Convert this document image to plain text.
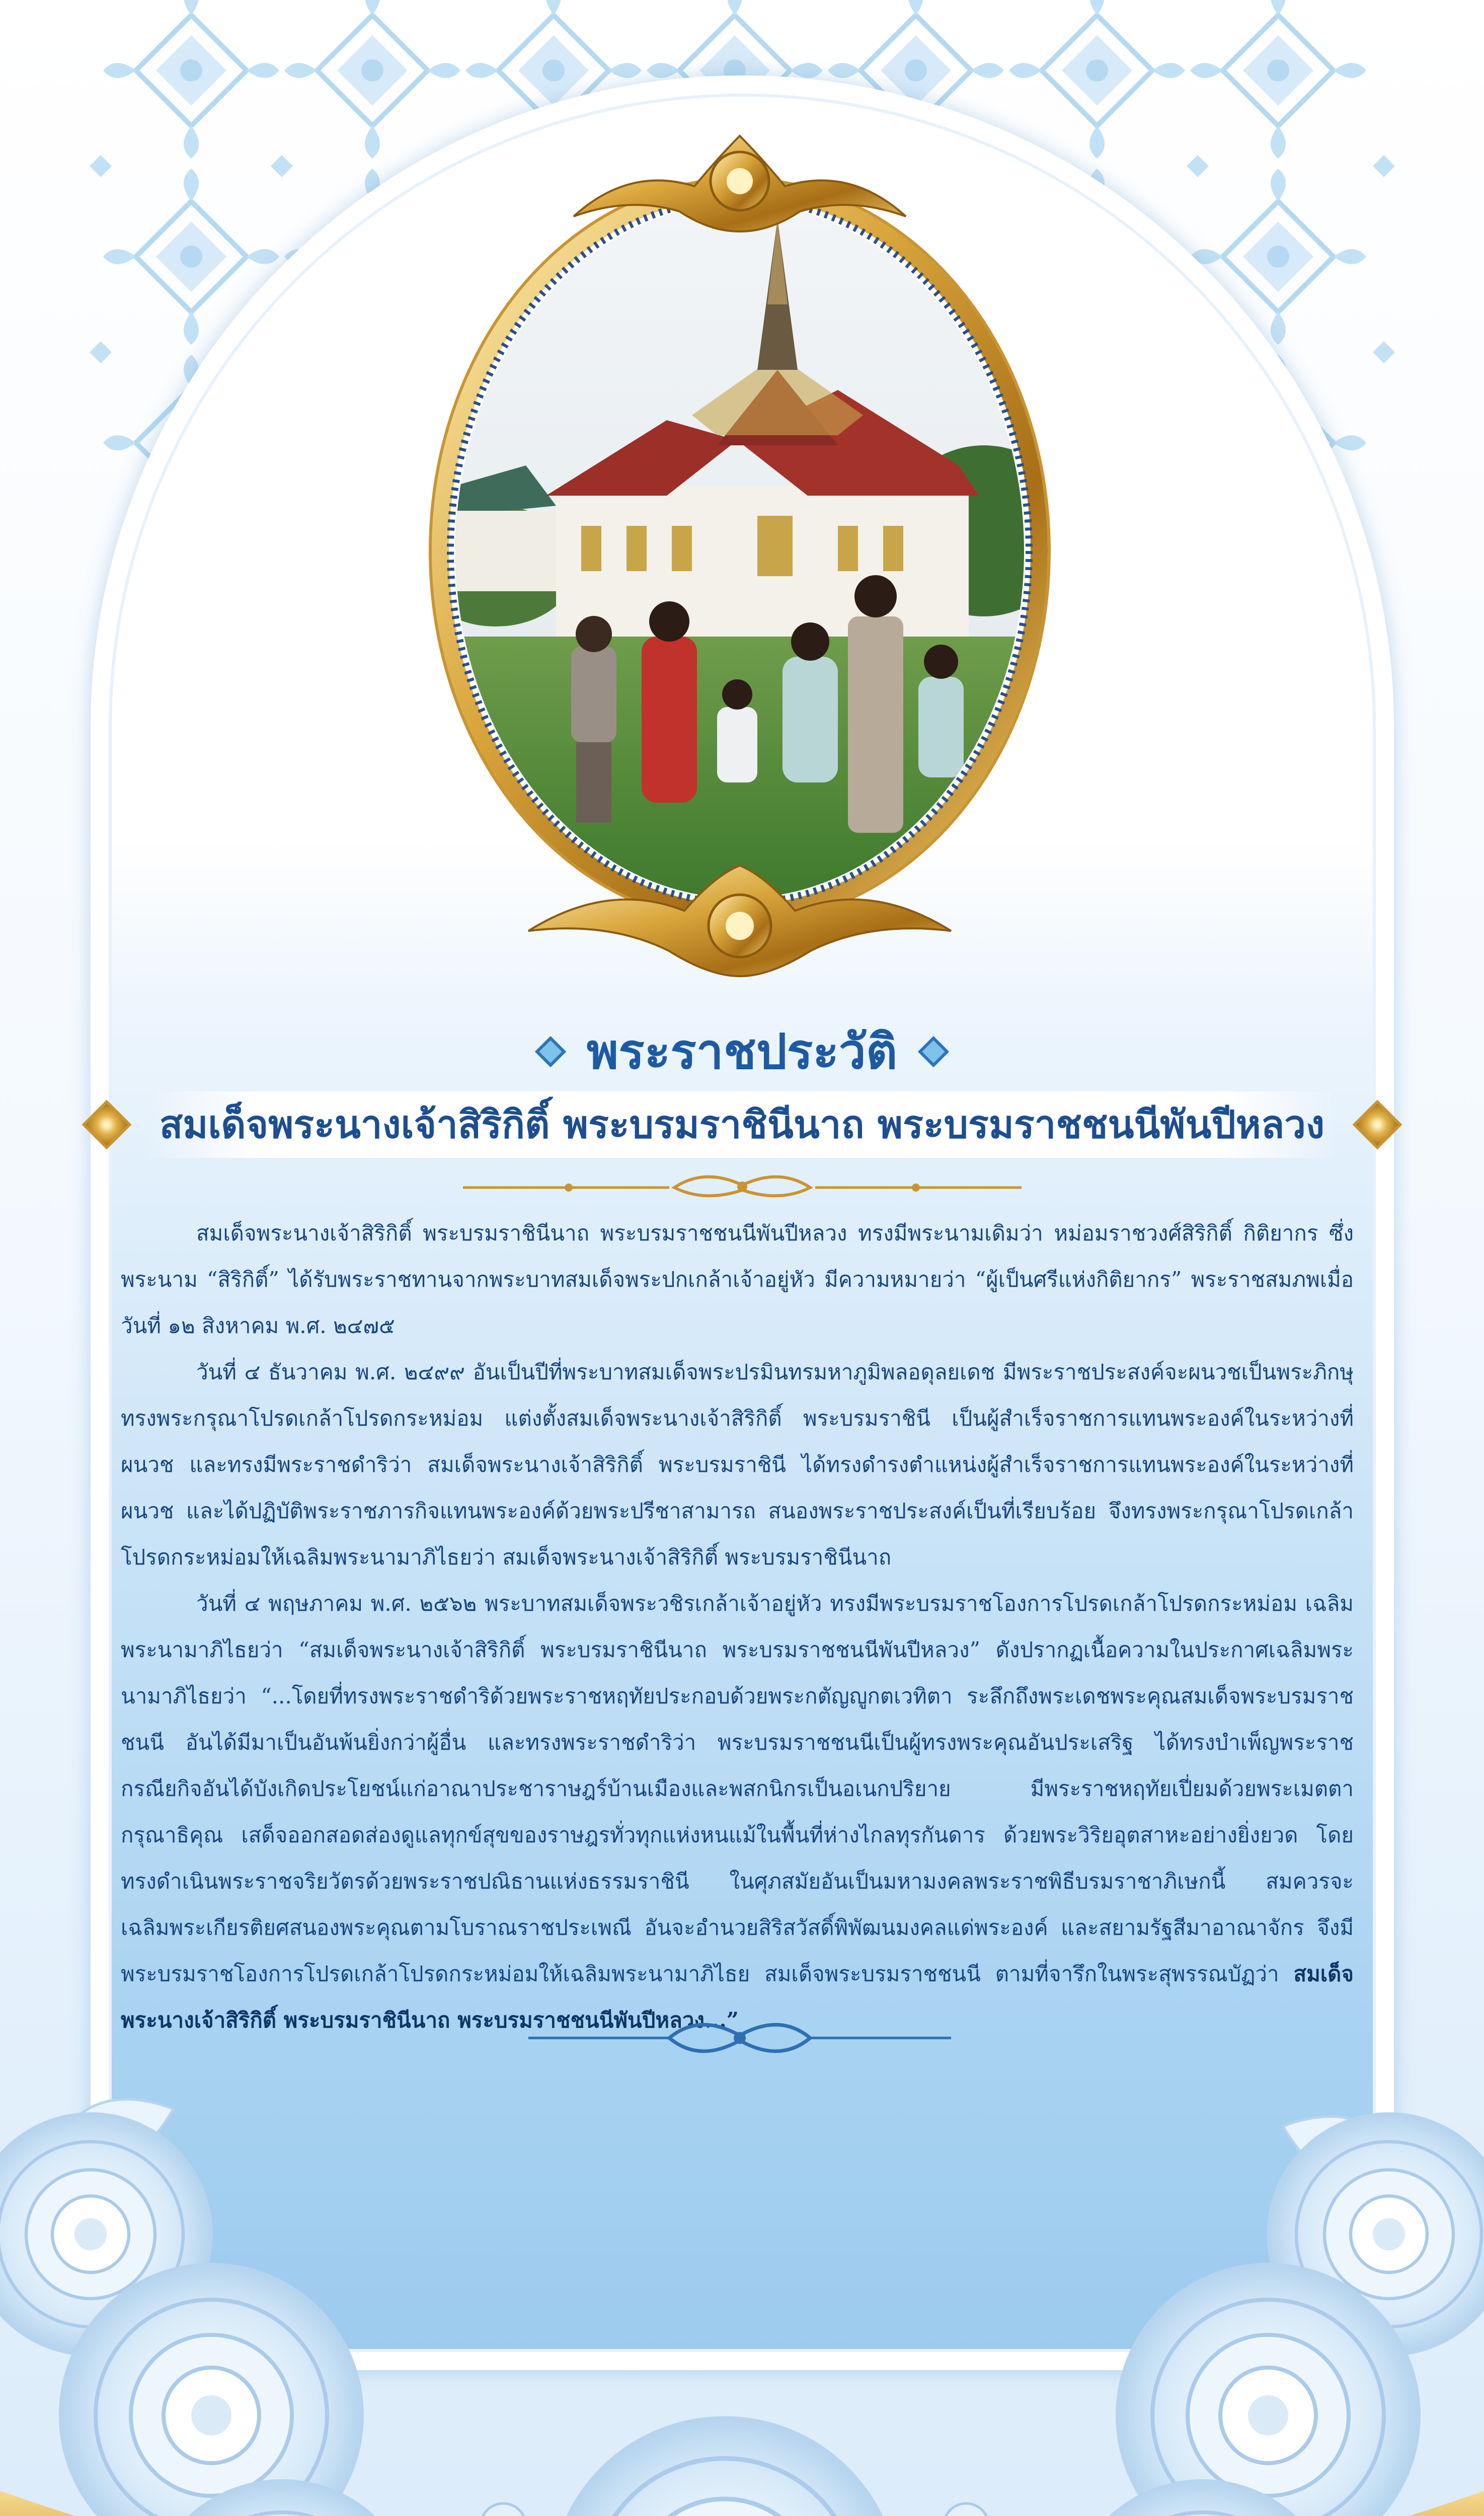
พระราชประวัติ
สมเด็จพระนางเจ้าสิริกิติ์ พระบรมราชินีนาถ พระบรมราชชนนีพันปีหลวง

สมเด็จพระนางเจ้าสิริกิติ์ พระบรมราชินีนาถ พระบรมราชชนนีพันปีหลวง ทรงมีพระนามเดิมว่า หม่อมราชวงศ์สิริกิติ์ กิติยากร ซึ่งพระนาม “สิริกิติ์” ได้รับพระราชทานจากพระบาทสมเด็จพระปกเกล้าเจ้าอยู่หัว มีความหมายว่า “ผู้เป็นศรีแห่งกิติยากร” พระราชสมภพเมื่อวันที่ ๑๒ สิงหาคม พ.ศ. ๒๔๗๕

วันที่ ๔ ธันวาคม พ.ศ. ๒๔๙๙ อันเป็นปีที่พระบาทสมเด็จพระปรมินทรมหาภูมิพลอดุลยเดช มีพระราชประสงค์จะผนวชเป็นพระภิกษุ ทรงพระกรุณาโปรดเกล้าโปรดกระหม่อม แต่งตั้งสมเด็จพระนางเจ้าสิริกิติ์ พระบรมราชินี เป็นผู้สำเร็จราชการแทนพระองค์ในระหว่างที่ผนวช และทรงมีพระราชดำริว่า สมเด็จพระนางเจ้าสิริกิติ์ พระบรมราชินี ได้ทรงดำรงตำแหน่งผู้สำเร็จราชการแทนพระองค์ในระหว่างที่ผนวช และได้ปฏิบัติพระราชภารกิจแทนพระองค์ด้วยพระปรีชาสามารถ สนองพระราชประสงค์เป็นที่เรียบร้อย จึงทรงพระกรุณาโปรดเกล้าโปรดกระหม่อมให้เฉลิมพระนามาภิไธยว่า สมเด็จพระนางเจ้าสิริกิติ์ พระบรมราชินีนาถ

วันที่ ๔ พฤษภาคม พ.ศ. ๒๕๖๒ พระบาทสมเด็จพระวชิรเกล้าเจ้าอยู่หัว ทรงมีพระบรมราชโองการโปรดเกล้าโปรดกระหม่อม เฉลิมพระนามาภิไธยว่า “สมเด็จพระนางเจ้าสิริกิติ์ พระบรมราชินีนาถ พระบรมราชชนนีพันปีหลวง” ดังปรากฏเนื้อความในประกาศเฉลิมพระนามาภิไธยว่า “...โดยที่ทรงพระราชดำริด้วยพระราชหฤทัยประกอบด้วยพระกตัญญูกตเวทิตา ระลึกถึงพระเดชพระคุณสมเด็จพระบรมราชชนนี อันได้มีมาเป็นอันพ้นยิ่งกว่าผู้อื่น และทรงพระราชดำริว่า พระบรมราชชนนีเป็นผู้ทรงพระคุณอันประเสริฐ ได้ทรงบำเพ็ญพระราชกรณียกิจอันได้บังเกิดประโยชน์แก่อาณาประชาราษฎร์บ้านเมืองและพสกนิกรเป็นอเนกปริยาย มีพระราชหฤทัยเปี่ยมด้วยพระเมตตากรุณาธิคุณ เสด็จออกสอดส่องดูแลทุกข์สุขของราษฎรทั่วทุกแห่งหนแม้ในพื้นที่ห่างไกลทุรกันดาร ด้วยพระวิริยอุตสาหะอย่างยิ่งยวด โดยทรงดำเนินพระราชจริยวัตรด้วยพระราชปณิธานแห่งธรรมราชินี ในศุภสมัยอันเป็นมหามงคลพระราชพิธีบรมราชาภิเษกนี้ สมควรจะเฉลิมพระเกียรติยศสนองพระคุณตามโบราณราชประเพณี อันจะอำนวยสิริสวัสดิ์พิพัฒนมงคลแด่พระองค์ และสยามรัฐสีมาอาณาจักร จึงมีพระบรมราชโองการโปรดเกล้าโปรดกระหม่อมให้เฉลิมพระนามาภิไธย สมเด็จพระบรมราชชนนี ตามที่จารึกในพระสุพรรณบัฏว่า สมเด็จพระนางเจ้าสิริกิติ์ พระบรมราชินีนาถ พระบรมราชชนนีพันปีหลวง...”
